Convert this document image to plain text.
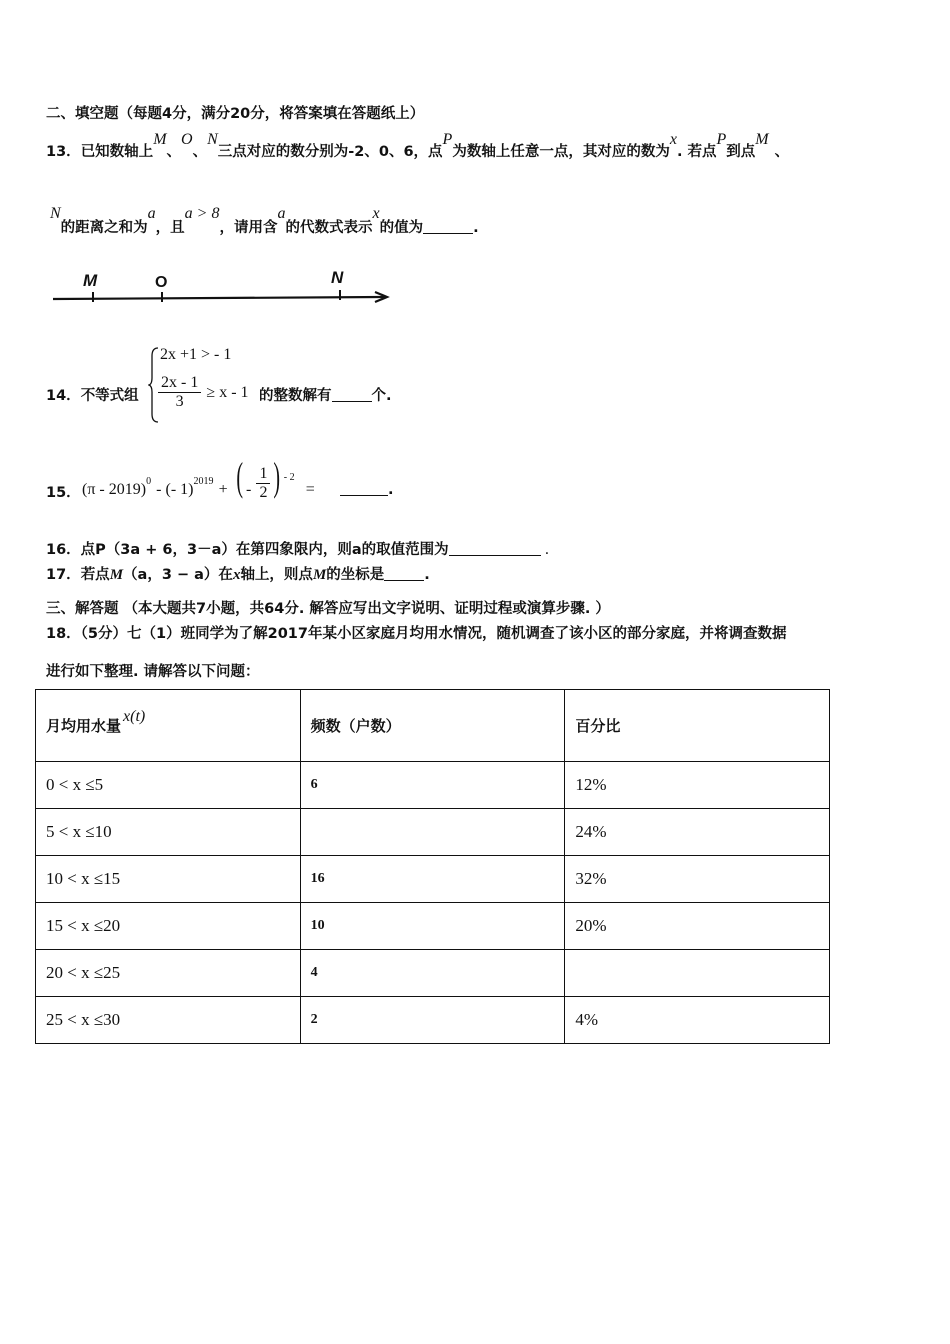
二、填空题（每题4分，满分20分，将答案填在答题纸上）
13．已知数轴上M、O、N三点对应的数分别为-2、0、6，点P为数轴上任意一点，其对应的数为x. 若点P到点M、
N的距离之和为a，且a > 8，请用含a的代数式表示x的值为	.
M	O	N
14．不等式组
2x +1 > - 1
$\frac{2x - 1}{3} \ge x - 1$ 的整数解有	个.
15． $(\pi - 2019)_0$ - (- $1)_{2019}$ + ( - $\frac{1}{2}$ ) - 2 =	.
16．点P（3a + 6，3－a）在第四象限内，则a的取值范围为	.
17．若点M（a，3 − a）在x轴上，则点M的坐标是	.
三、解答题 （本大题共7小题，共64分. 解答应写出文字说明、证明过程或演算步骤. ）
18．（5分）七（1）班同学为了解2017年某小区家庭月均用水情况，随机调查了该小区的部分家庭，并将调查数据
进行如下整理. 请解答以下问题：
月均用水量x(t)	频数（户数）	百分比
0 < x ≤5	6	12%
5 < x ≤10		24%
10 < x ≤15	16	32%
15 < x ≤20	10	20%
20 < x ≤25	4	
25 < x ≤30	2	4%
